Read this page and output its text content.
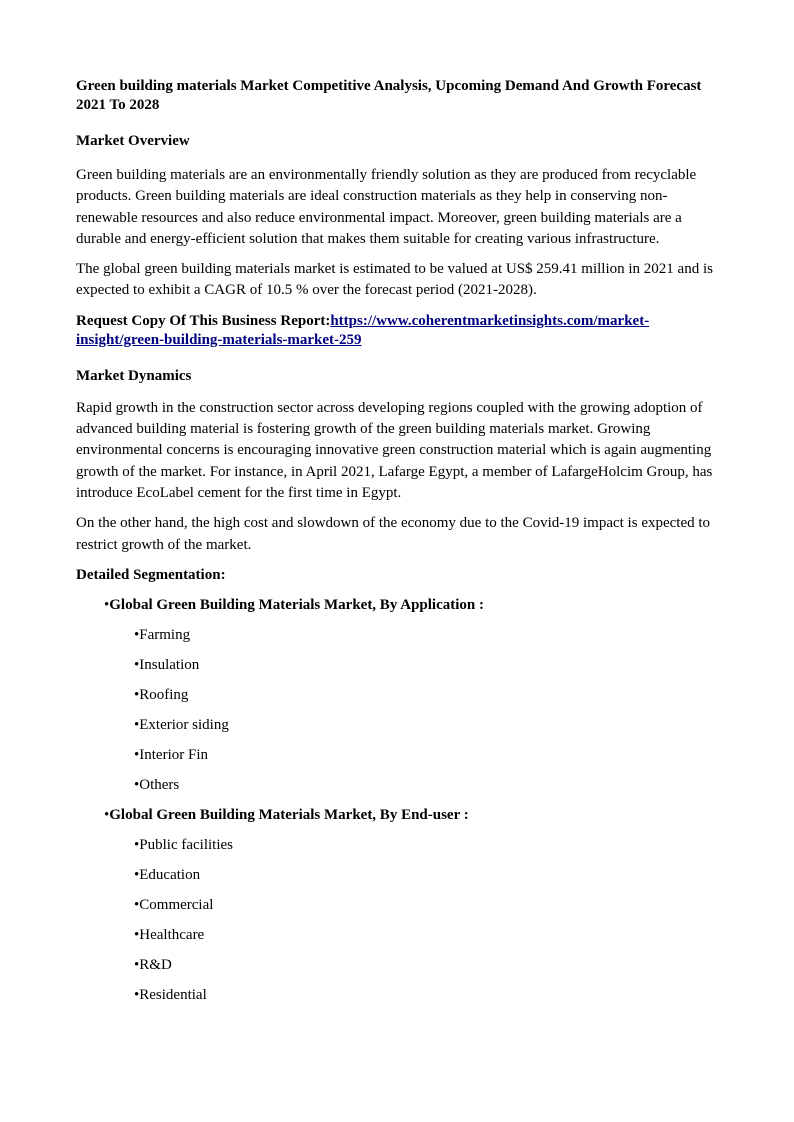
Green building materials Market Competitive Analysis, Upcoming Demand And Growth Forecast 2021 To 2028

Market Overview

Green building materials are an environmentally friendly solution as they are produced from recyclable products. Green building materials are ideal construction materials as they help in conserving non-renewable resources and also reduce environmental impact. Moreover, green building materials are a durable and energy-efficient solution that makes them suitable for creating various infrastructure.

The global green building materials market is estimated to be valued at US$ 259.41 million in 2021 and is expected to exhibit a CAGR of 10.5 % over the forecast period (2021-2028).

Request Copy Of This Business Report:https://www.coherentmarketinsights.com/market-insight/green-building-materials-market-259

Market Dynamics

Rapid growth in the construction sector across developing regions coupled with the growing adoption of advanced building material is fostering growth of the green building materials market. Growing environmental concerns is encouraging innovative green construction material which is again augmenting growth of the market. For instance, in April 2021, Lafarge Egypt, a member of LafargeHolcim Group, has introduce EcoLabel cement for the first time in Egypt.

On the other hand, the high cost and slowdown of the economy due to the Covid-19 impact is expected to restrict growth of the market.

Detailed Segmentation:

•Global Green Building Materials Market, By Application :

•Farming

•Insulation

•Roofing

•Exterior siding

•Interior Fin

•Others

•Global Green Building Materials Market, By End-user :

•Public facilities

•Education

•Commercial

•Healthcare

•R&D

•Residential
